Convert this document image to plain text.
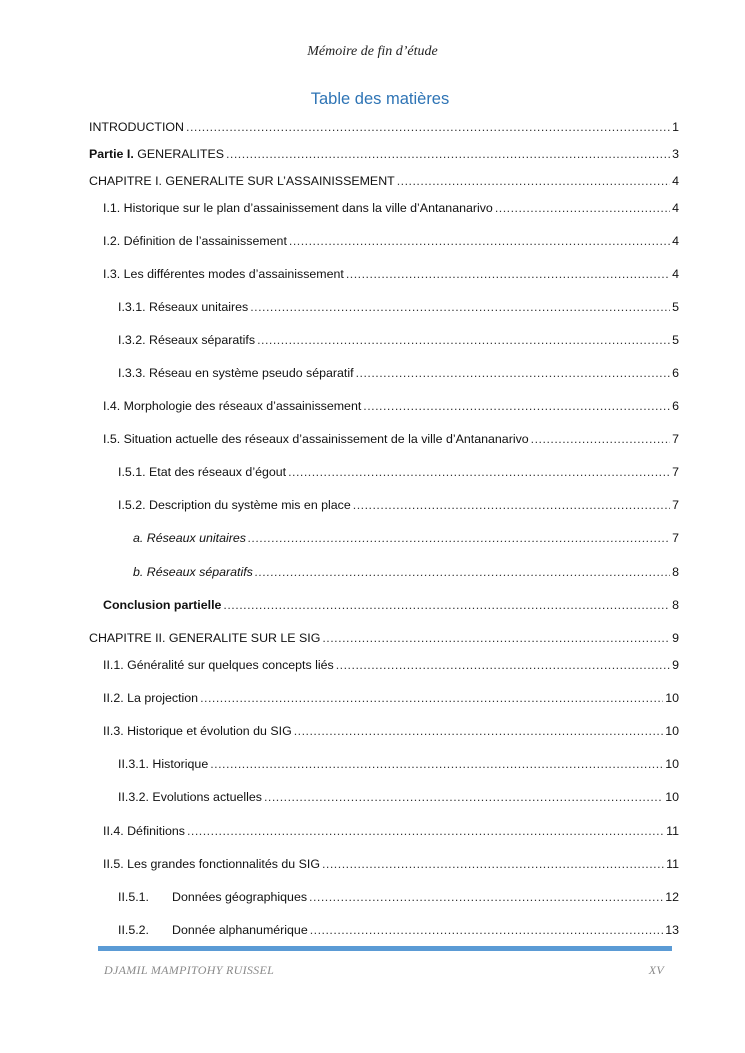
Mémoire de fin d’étude
Table des matières
INTRODUCTION .....	1
Partie I. GENERALITES .....	3
CHAPITRE I. GENERALITE SUR L’ASSAINISSEMENT .....	4
I.1. Historique sur le plan d’assainissement dans la ville d’Antananarivo .....	4
I.2. Définition de l’assainissement .....	4
I.3. Les différentes modes d’assainissement .....	4
I.3.1. Réseaux unitaires .....	5
I.3.2. Réseaux séparatifs .....	5
I.3.3. Réseau en système pseudo séparatif .....	6
I.4. Morphologie des réseaux d’assainissement .....	6
I.5. Situation actuelle des réseaux d’assainissement de la ville d’Antananarivo .....	7
I.5.1. Etat des réseaux d’égout .....	7
I.5.2. Description du système mis en place .....	7
a. Réseaux unitaires .....	7
b. Réseaux séparatifs .....	8
Conclusion partielle .....	8
CHAPITRE II. GENERALITE SUR LE SIG .....	9
II.1. Généralité sur quelques concepts liés .....	9
II.2. La projection .....	10
II.3. Historique et évolution du SIG .....	10
II.3.1. Historique .....	10
II.3.2. Evolutions actuelles .....	10
II.4. Définitions .....	11
II.5. Les grandes fonctionnalités du SIG .....	11
II.5.1. Données géographiques .....	12
II.5.2. Donnée alphanumérique .....	13
DJAMIL MAMPITOHY RUISSEL	XV
